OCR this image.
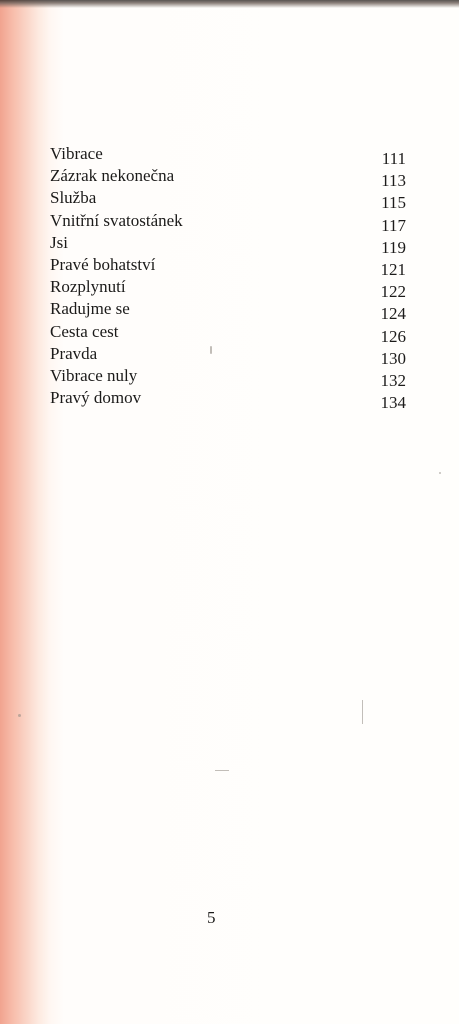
Vibrace	111
Zázrak nekonečna	113
Služba	115
Vnitřní svatostánek	117
Jsi	119
Pravé bohatství	121
Rozplynutí	122
Radujme se	124
Cesta cest	126
Pravda	130
Vibrace nuly	132
Pravý domov	134
5
